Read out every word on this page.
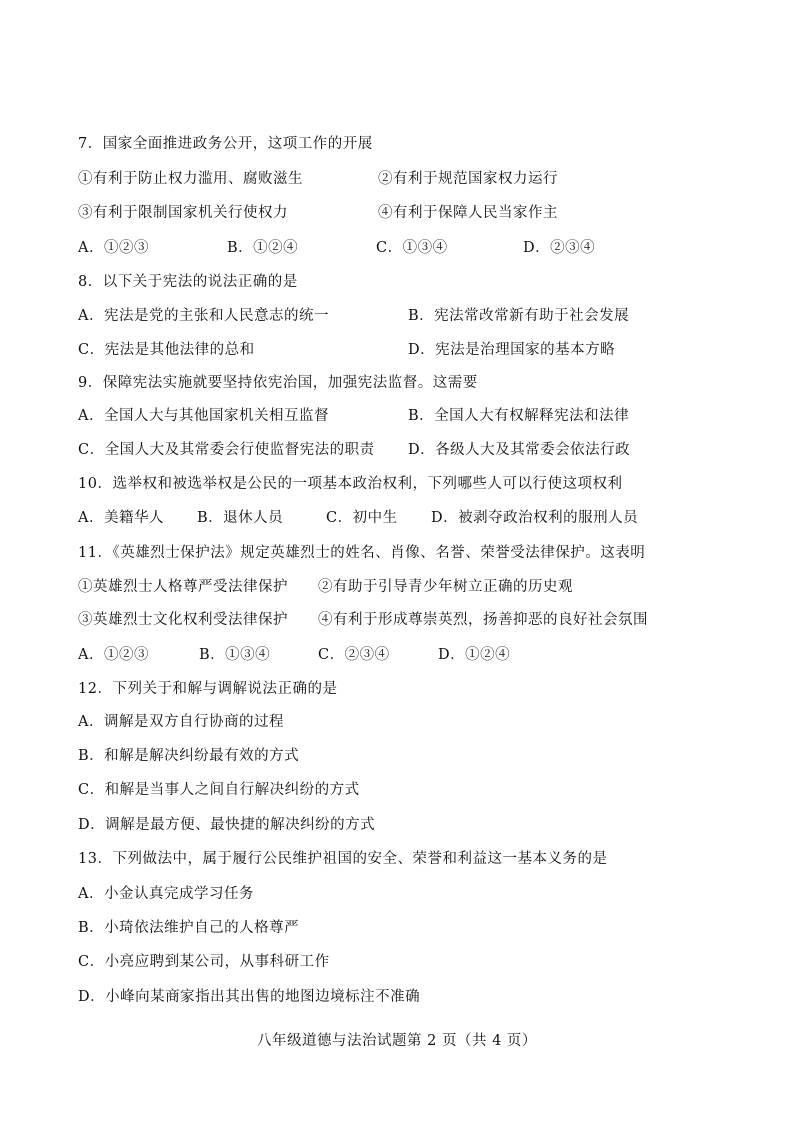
7．国家全面推进政务公开，这项工作的开展
①有利于防止权力滥用、腐败滋生	②有利于规范国家权力运行
③有利于限制国家机关行使权力	④有利于保障人民当家作主
A．①②③	B．①②④	C．①③④	D．②③④
8．以下关于宪法的说法正确的是
A．宪法是党的主张和人民意志的统一	B．宪法常改常新有助于社会发展
C．宪法是其他法律的总和	D．宪法是治理国家的基本方略
9．保障宪法实施就要坚持依宪治国，加强宪法监督。这需要
A．全国人大与其他国家机关相互监督	B．全国人大有权解释宪法和法律
C．全国人大及其常委会行使监督宪法的职责 D．各级人大及其常委会依法行政
10．选举权和被选举权是公民的一项基本政治权利，下列哪些人可以行使这项权利
A．美籍华人 B．退休人员	C．初中生 D．被剥夺政治权利的服刑人员
11．《英雄烈士保护法》规定英雄烈士的姓名、肖像、名誉、荣誉受法律保护。这表明
①英雄烈士人格尊严受法律保护 ②有助于引导青少年树立正确的历史观
③英雄烈士文化权利受法律保护 ④有利于形成尊崇英烈，扬善抑恶的良好社会氛围
A．①②③	B．①③④	C．②③④	D．①②④
12．下列关于和解与调解说法正确的是
A．调解是双方自行协商的过程
B．和解是解决纠纷最有效的方式
C．和解是当事人之间自行解决纠纷的方式
D．调解是最方便、最快捷的解决纠纷的方式
13．下列做法中，属于履行公民维护祖国的安全、荣誉和利益这一基本义务的是
A．小金认真完成学习任务
B．小琦依法维护自己的人格尊严
C．小亮应聘到某公司，从事科研工作
D．小峰向某商家指出其出售的地图边境标注不准确
八年级道德与法治试题第 2 页（共 4 页）
